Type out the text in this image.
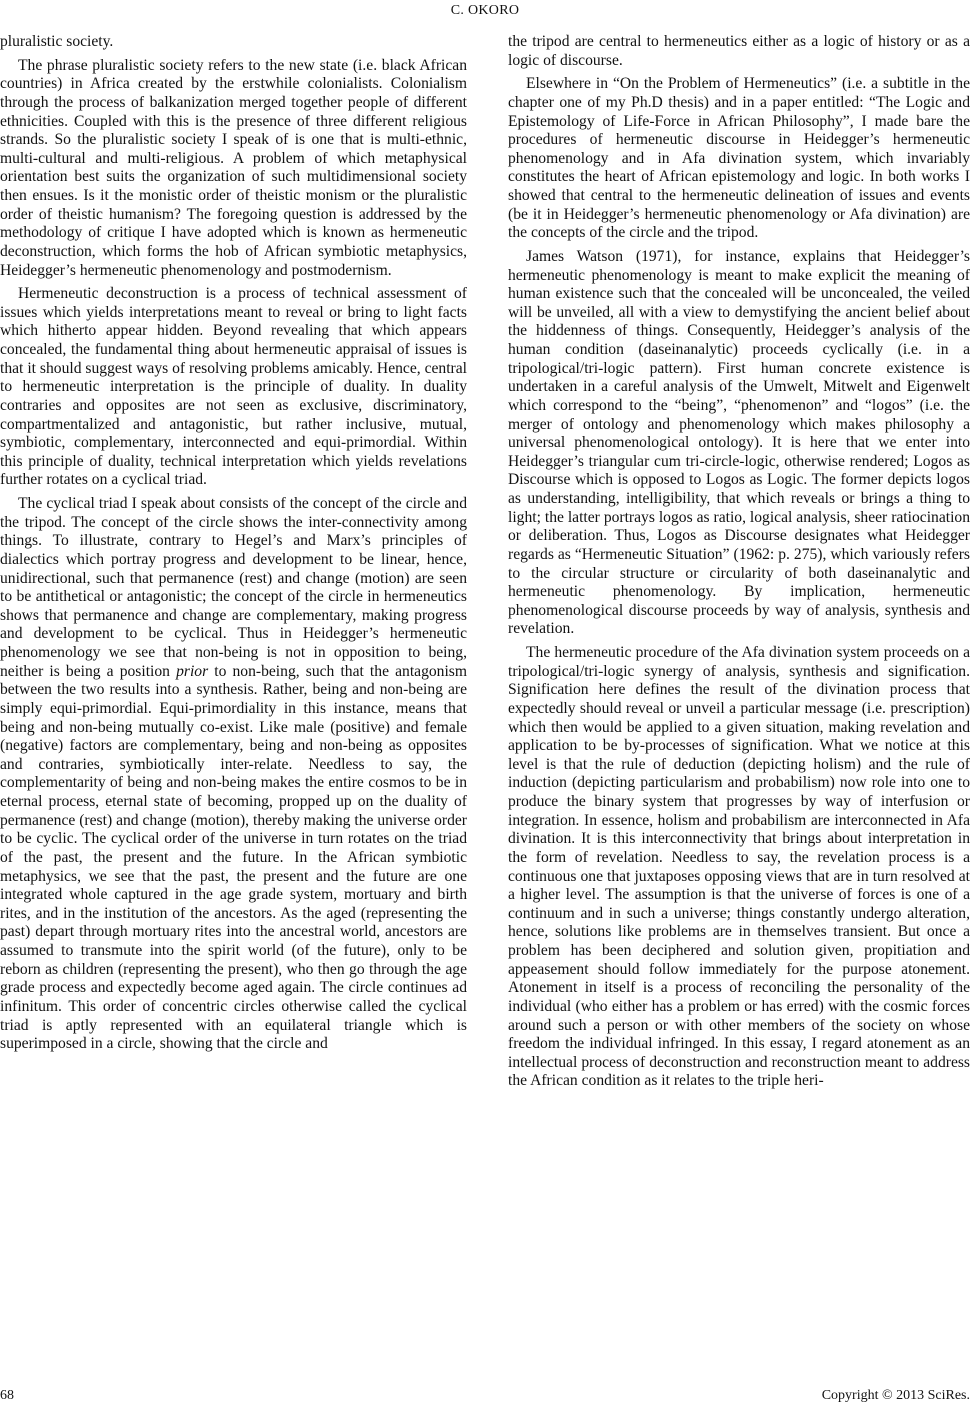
C. OKORO

pluralistic society.

The phrase pluralistic society refers to the new state (i.e. black African countries) in Africa created by the erstwhile colonialists. Colonialism through the process of balkanization merged together people of different ethnicities. Coupled with this is the presence of three different religious strands. So the pluralistic society I speak of is one that is multi-ethnic, multi-cultural and multi-religious. A problem of which metaphysical orientation best suits the organization of such multidimensional society then ensues. Is it the monistic order of theistic monism or the pluralistic order of theistic humanism? The foregoing question is addressed by the methodology of critique I have adopted which is known as hermeneutic deconstruction, which forms the hob of African symbiotic metaphysics, Heidegger’s hermeneutic phenomenology and postmodernism.

Hermeneutic deconstruction is a process of technical assessment of issues which yields interpretations meant to reveal or bring to light facts which hitherto appear hidden. Beyond revealing that which appears concealed, the fundamental thing about hermeneutic appraisal of issues is that it should suggest ways of resolving problems amicably. Hence, central to hermeneutic interpretation is the principle of duality. In duality contraries and opposites are not seen as exclusive, discriminatory, compartmentalized and antagonistic, but rather inclusive, mutual, symbiotic, complementary, interconnected and equi-primordial. Within this principle of duality, technical interpretation which yields revelations further rotates on a cyclical triad.

The cyclical triad I speak about consists of the concept of the circle and the tripod. The concept of the circle shows the inter-connectivity among things. To illustrate, contrary to Hegel’s and Marx’s principles of dialectics which portray progress and development to be linear, hence, unidirectional, such that permanence (rest) and change (motion) are seen to be antithetical or antagonistic; the concept of the circle in hermeneutics shows that permanence and change are complementary, making progress and development to be cyclical. Thus in Heidegger’s hermeneutic phenomenology we see that non-being is not in opposition to being, neither is being a position prior to non-being, such that the antagonism between the two results into a synthesis. Rather, being and non-being are simply equi-primordial. Equi-primordiality in this instance, means that being and non-being mutually co-exist. Like male (positive) and female (negative) factors are complementary, being and non-being as opposites and contraries, symbiotically inter-relate. Needless to say, the complementarity of being and non-being makes the entire cosmos to be in eternal process, eternal state of becoming, propped up on the duality of permanence (rest) and change (motion), thereby making the universe order to be cyclic. The cyclical order of the universe in turn rotates on the triad of the past, the present and the future. In the African symbiotic metaphysics, we see that the past, the present and the future are one integrated whole captured in the age grade system, mortuary and birth rites, and in the institution of the ancestors. As the aged (representing the past) depart through mortuary rites into the ancestral world, ancestors are assumed to transmute into the spirit world (of the future), only to be reborn as children (representing the present), who then go through the age grade process and expectedly become aged again. The circle continues ad infinitum. This order of concentric circles otherwise called the cyclical triad is aptly represented with an equilateral triangle which is superimposed in a circle, showing that the circle and

the tripod are central to hermeneutics either as a logic of history or as a logic of discourse.

Elsewhere in “On the Problem of Hermeneutics” (i.e. a subtitle in the chapter one of my Ph.D thesis) and in a paper entitled: “The Logic and Epistemology of Life-Force in African Philosophy”, I made bare the procedures of hermeneutic discourse in Heidegger’s hermeneutic phenomenology and in Afa divination system, which invariably constitutes the heart of African epistemology and logic. In both works I showed that central to the hermeneutic delineation of issues and events (be it in Heidegger’s hermeneutic phenomenology or Afa divination) are the concepts of the circle and the tripod.

James Watson (1971), for instance, explains that Heidegger’s hermeneutic phenomenology is meant to make explicit the meaning of human existence such that the concealed will be unconcealed, the veiled will be unveiled, all with a view to demystifying the ancient belief about the hiddenness of things. Consequently, Heidegger’s analysis of the human condition (daseinanalytic) proceeds cyclically (i.e. in a tripological/tri-logic pattern). First human concrete existence is undertaken in a careful analysis of the Umwelt, Mitwelt and Eigenwelt which correspond to the “being”, “phenomenon” and “logos” (i.e. the merger of ontology and phenomenology which makes philosophy a universal phenomenological ontology). It is here that we enter into Heidegger’s triangular cum tri-circle-logic, otherwise rendered; Logos as Discourse which is opposed to Logos as Logic. The former depicts logos as understanding, intelligibility, that which reveals or brings a thing to light; the latter portrays logos as ratio, logical analysis, sheer ratiocination or deliberation. Thus, Logos as Discourse designates what Heidegger regards as “Hermeneutic Situation” (1962: p. 275), which variously refers to the circular structure or circularity of both daseinanalytic and hermeneutic phenomenology. By implication, hermeneutic phenomenological discourse proceeds by way of analysis, synthesis and revelation.

The hermeneutic procedure of the Afa divination system proceeds on a tripological/tri-logic synergy of analysis, synthesis and signification. Signification here defines the result of the divination process that expectedly should reveal or unveil a particular message (i.e. prescription) which then would be applied to a given situation, making revelation and application to be by-processes of signification. What we notice at this level is that the rule of deduction (depicting holism) and the rule of induction (depicting particularism and probabilism) now role into one to produce the binary system that progresses by way of interfusion or integration. In essence, holism and probabilism are interconnected in Afa divination. It is this interconnectivity that brings about interpretation in the form of revelation. Needless to say, the revelation process is a continuous one that juxtaposes opposing views that are in turn resolved at a higher level. The assumption is that the universe of forces is one of a continuum and in such a universe; things constantly undergo alteration, hence, solutions like problems are in themselves transient. But once a problem has been deciphered and solution given, propitiation and appeasement should follow immediately for the purpose atonement. Atonement in itself is a process of reconciling the personality of the individual (who either has a problem or has erred) with the cosmic forces around such a person or with other members of the society on whose freedom the individual infringed. In this essay, I regard atonement as an intellectual process of deconstruction and reconstruction meant to address the African condition as it relates to the triple heri-

68	Copyright © 2013 SciRes.
